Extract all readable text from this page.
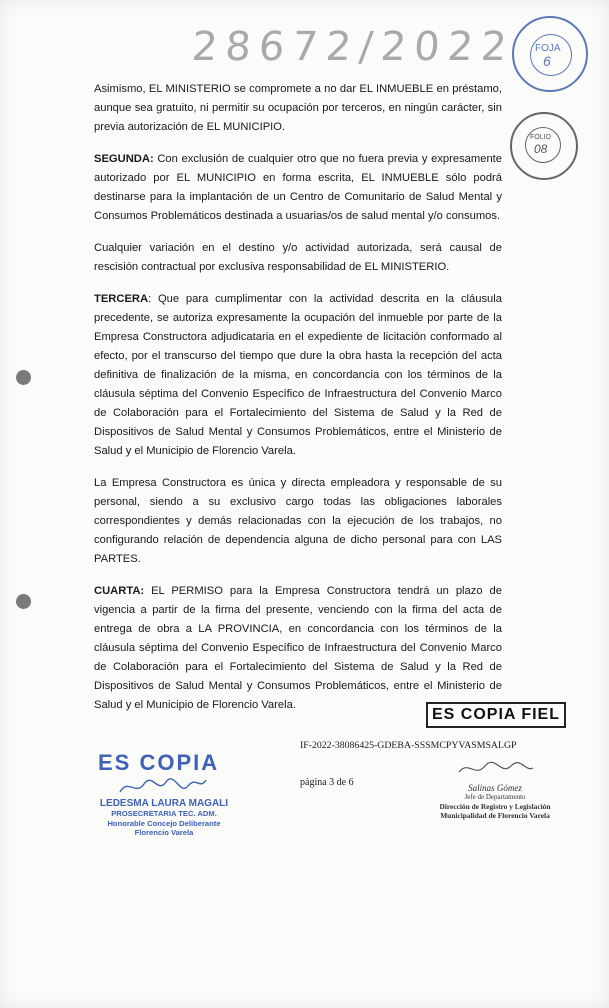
28672/2022 FOJA
6
FOLIO
08

Asimismo, EL MINISTERIO se compromete a no dar EL INMUEBLE en préstamo, aunque sea gratuito, ni permitir su ocupación por terceros, en ningún carácter, sin previa autorización de EL MUNICIPIO.

SEGUNDA: Con exclusión de cualquier otro que no fuera previa y expresamente autorizado por EL MUNICIPIO en forma escrita, EL INMUEBLE sólo podrá destinarse para la implantación de un Centro de Comunitario de Salud Mental y Consumos Problemáticos destinada a usuarias/os de salud mental y/o consumos.

Cualquier variación en el destino y/o actividad autorizada, será causal de rescisión contractual por exclusiva responsabilidad de EL MINISTERIO.

TERCERA: Que para cumplimentar con la actividad descrita en la cláusula precedente, se autoriza expresamente la ocupación del inmueble por parte de la Empresa Constructora adjudicataria en el expediente de licitación conformado al efecto, por el transcurso del tiempo que dure la obra hasta la recepción del acta definitiva de finalización de la misma, en concordancia con los términos de la cláusula séptima del Convenio Específico de Infraestructura del Convenio Marco de Colaboración para el Fortalecimiento del Sistema de Salud y la Red de Dispositivos de Salud Mental y Consumos Problemáticos, entre el Ministerio de Salud y el Municipio de Florencio Varela.

La Empresa Constructora es única y directa empleadora y responsable de su personal, siendo a su exclusivo cargo todas las obligaciones laborales correspondientes y demás relacionadas con la ejecución de los trabajos, no configurando relación de dependencia alguna de dicho personal para con LAS PARTES.

CUARTA: EL PERMISO para la Empresa Constructora tendrá un plazo de vigencia a partir de la firma del presente, venciendo con la firma del acta de entrega de obra a LA PROVINCIA, en concordancia con los términos de la cláusula séptima del Convenio Específico de Infraestructura del Convenio Marco de Colaboración para el Fortalecimiento del Sistema de Salud y la Red de Dispositivos de Salud Mental y Consumos Problemáticos, entre el Ministerio de Salud y el Municipio de Florencio Varela.

ES COPIA FIEL
IF-2022-38086425-GDEBA-SSSMCPYVASMSALGP
página 3 de 6
ES COPIA
LEDESMA LAURA MAGALI
PROSECRETARIA TEC. ADM.
Honorable Concejo Deliberante
Florencio Varela
Salinas Gómez
Jefe de Departamento
Dirección de Registro y Legislación
Municipalidad de Florencio Varela
